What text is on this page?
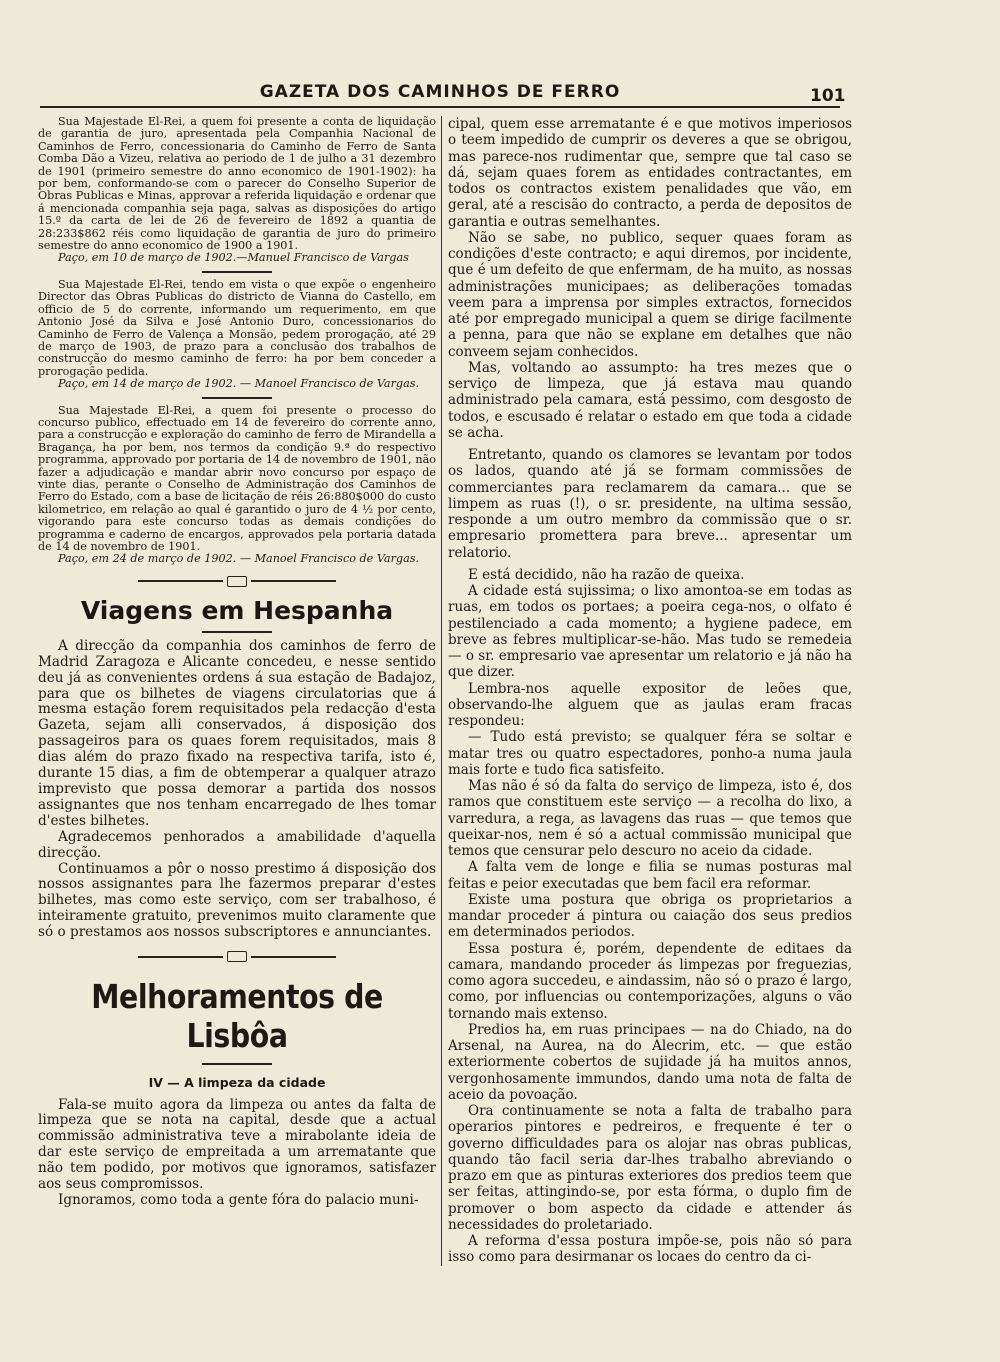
GAZETA DOS CAMINHOS DE FERRO	101

Sua Majestade El-Rei, a quem foi presente a conta de liquidação de garantia de juro, apresentada pela Companhia Nacional de Caminhos de Ferro, concessionaria do Caminho de Ferro de Santa Comba Dão a Vizeu, relativa ao periodo de 1 de julho a 31 dezembro de 1901 (primeiro semestre do anno economico de 1901-1902): ha por bem, conformando-se com o parecer do Conselho Superior de Obras Publicas e Minas, approvar a referida liquidação e ordenar que á mencionada companhia seja paga, salvas as disposições do artigo 15.º da carta de lei de 26 de fevereiro de 1892 a quantia de 28:233$862 réis como liquidação de garantia de juro do primeiro semestre do anno economico de 1900 a 1901.

Paço, em 10 de março de 1902.—Manuel Francisco de Vargas

Sua Majestade El-Rei, tendo em vista o que expõe o engenheiro Director das Obras Publicas do districto de Vianna do Castello, em officio de 5 do corrente, informando um requerimento, em que Antonio José da Silva e José Antonio Duro, concessionarios do Caminho de Ferro de Valença a Monsão, pedem prorogação, até 29 de março de 1903, de prazo para a conclusão dos trabalhos de construcção do mesmo caminho de ferro: ha por bem conceder a prorogação pedida.

Paço, em 14 de março de 1902. — Manoel Francisco de Vargas.

Sua Majestade El-Rei, a quem foi presente o processo do concurso publico, effectuado em 14 de fevereiro do corrente anno, para a construcção e exploração do caminho de ferro de Mirandella a Bragança, ha por bem, nos termos da condição 9.ª do respectivo programma, approvado por portaria de 14 de novembro de 1901, não fazer a adjudicação e mandar abrir novo concurso por espaço de vinte dias, perante o Conselho de Administração dos Caminhos de Ferro do Estado, com a base de licitação de réis 26:880$000 do custo kilometrico, em relação ao qual é garantido o juro de 4 ½ por cento, vigorando para este concurso todas as demais condições do programma e caderno de encargos, approvados pela portaria datada de 14 de novembro de 1901.

Paço, em 24 de março de 1902. — Manoel Francisco de Vargas.

Viagens em Hespanha

A direcção da companhia dos caminhos de ferro de Madrid Zaragoza e Alicante concedeu, e nesse sentido deu já as convenientes ordens á sua estação de Badajoz, para que os bilhetes de viagens circulatorias que á mesma estação forem requisitados pela redacção d'esta Gazeta, sejam alli conservados, á disposição dos passageiros para os quaes forem requisitados, mais 8 dias além do prazo fixado na respectiva tarifa, isto é, durante 15 dias, a fim de obtemperar a qualquer atrazo imprevisto que possa demorar a partida dos nossos assignantes que nos tenham encarregado de lhes tomar d'estes bilhetes.

Agradecemos penhorados a amabilidade d'aquella direcção.

Continuamos a pôr o nosso prestimo á disposição dos nossos assignantes para lhe fazermos preparar d'estes bilhetes, mas como este serviço, com ser trabalhoso, é inteiramente gratuito, prevenimos muito claramente que só o prestamos aos nossos subscriptores e annunciantes.

Melhoramentos de Lisbôa
IV — A limpeza da cidade

Fala-se muito agora da limpeza ou antes da falta de limpeza que se nota na capital, desde que a actual commissão administrativa teve a mirabolante ideia de dar este serviço de empreitada a um arrematante que não tem podido, por motivos que ignoramos, satisfazer aos seus compromissos.

Ignoramos, como toda a gente fóra do palacio muni-

cipal, quem esse arrematante é e que motivos imperiosos o teem impedido de cumprir os deveres a que se obrigou, mas parece-nos rudimentar que, sempre que tal caso se dá, sejam quaes forem as entidades contractantes, em todos os contractos existem penalidades que vão, em geral, até a rescisão do contracto, a perda de depositos de garantia e outras semelhantes.

Não se sabe, no publico, sequer quaes foram as condições d'este contracto; e aqui diremos, por incidente, que é um defeito de que enfermam, de ha muito, as nossas administrações municipaes; as deliberações tomadas veem para a imprensa por simples extractos, fornecidos até por empregado municipal a quem se dirige facilmente a penna, para que não se explane em detalhes que não conveem sejam conhecidos.

Mas, voltando ao assumpto: ha tres mezes que o serviço de limpeza, que já estava mau quando administrado pela camara, está pessimo, com desgosto de todos, e escusado é relatar o estado em que toda a cidade se acha.

Entretanto, quando os clamores se levantam por todos os lados, quando até já se formam commissões de commerciantes para reclamarem da camara... que se limpem as ruas (!), o sr. presidente, na ultima sessão, responde a um outro membro da commissão que o sr. empresario promettera para breve... apresentar um relatorio.

E está decidido, não ha razão de queixa.

A cidade está sujissima; o lixo amontoa-se em todas as ruas, em todos os portaes; a poeira cega-nos, o olfato é pestilenciado a cada momento; a hygiene padece, em breve as febres multiplicar-se-hão. Mas tudo se remedeia — o sr. empresario vae apresentar um relatorio e já não ha que dizer.

Lembra-nos aquelle expositor de leões que, observando-lhe alguem que as jaulas eram fracas respondeu:

— Tudo está previsto; se qualquer féra se soltar e matar tres ou quatro espectadores, ponho-a numa jaula mais forte e tudo fica satisfeito.

Mas não é só da falta do serviço de limpeza, isto é, dos ramos que constituem este serviço — a recolha do lixo, a varredura, a rega, as lavagens das ruas — que temos que queixar-nos, nem é só a actual commissão municipal que temos que censurar pelo descuro no aceio da cidade.

A falta vem de longe e filia se numas posturas mal feitas e peior executadas que bem facil era reformar.

Existe uma postura que obriga os proprietarios a mandar proceder á pintura ou caiação dos seus predios em determinados periodos.

Essa postura é, porém, dependente de editaes da camara, mandando proceder ás limpezas por freguezias, como agora succedeu, e aindassim, não só o prazo é largo, como, por influencias ou contemporizações, alguns o vão tornando mais extenso.

Predios ha, em ruas principaes — na do Chiado, na do Arsenal, na Aurea, na do Alecrim, etc. — que estão exteriormente cobertos de sujidade já ha muitos annos, vergonhosamente immundos, dando uma nota de falta de aceio da povoação.

Ora continuamente se nota a falta de trabalho para operarios pintores e pedreiros, e frequente é ter o governo difficuldades para os alojar nas obras publicas, quando tão facil seria dar-lhes trabalho abreviando o prazo em que as pinturas exteriores dos predios teem que ser feitas, attingindo-se, por esta fórma, o duplo fim de promover o bom aspecto da cidade e attender ás necessidades do proletariado.

A reforma d'essa postura impõe-se, pois não só para isso como para desirmanar os locaes do centro da ci-
